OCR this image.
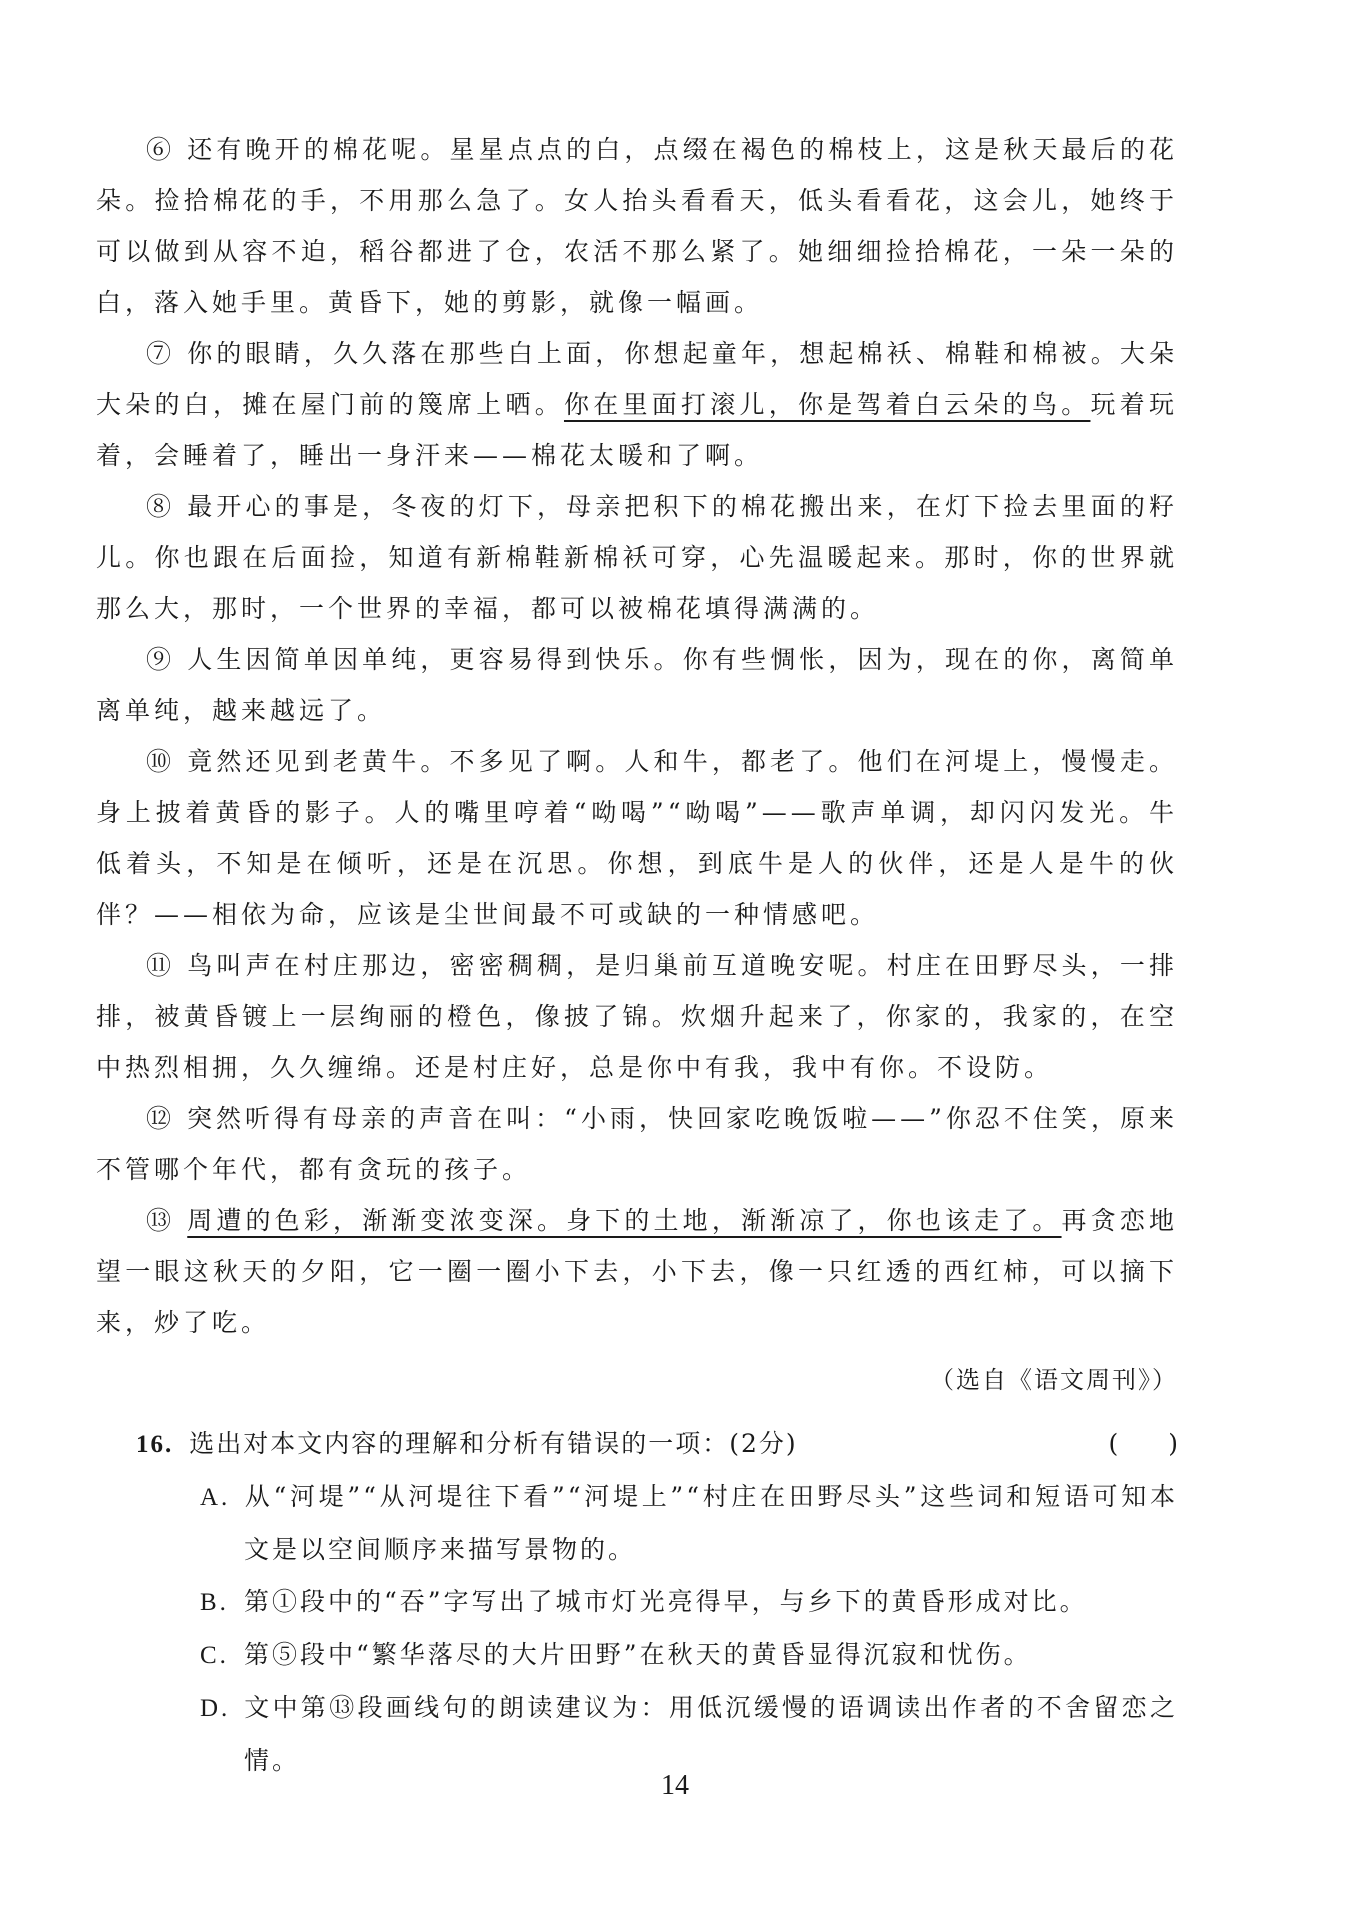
⑥ 还有晚开的棉花呢。星星点点的白，点缀在褐色的棉枝上，这是秋天最后的花朵。捡拾棉花的手，不用那么急了。女人抬头看看天，低头看看花，这会儿，她终于可以做到从容不迫，稻谷都进了仓，农活不那么紧了。她细细捡拾棉花，一朵一朵的白，落入她手里。黄昏下，她的剪影，就像一幅画。

⑦ 你的眼睛，久久落在那些白上面，你想起童年，想起棉袄、棉鞋和棉被。大朵大朵的白，摊在屋门前的篾席上晒。你在里面打滚儿，你是驾着白云朵的鸟。玩着玩着，会睡着了，睡出一身汗来——棉花太暖和了啊。

⑧ 最开心的事是，冬夜的灯下，母亲把积下的棉花搬出来，在灯下捡去里面的籽儿。你也跟在后面捡，知道有新棉鞋新棉袄可穿，心先温暖起来。那时，你的世界就那么大，那时，一个世界的幸福，都可以被棉花填得满满的。

⑨ 人生因简单因单纯，更容易得到快乐。你有些惆怅，因为，现在的你，离简单离单纯，越来越远了。

⑩ 竟然还见到老黄牛。不多见了啊。人和牛，都老了。他们在河堤上，慢慢走。身上披着黄昏的影子。人的嘴里哼着“呦喝”“呦喝”——歌声单调，却闪闪发光。牛低着头，不知是在倾听，还是在沉思。你想，到底牛是人的伙伴，还是人是牛的伙伴？——相依为命，应该是尘世间最不可或缺的一种情感吧。

⑪ 鸟叫声在村庄那边，密密稠稠，是归巢前互道晚安呢。村庄在田野尽头，一排排，被黄昏镀上一层绚丽的橙色，像披了锦。炊烟升起来了，你家的，我家的，在空中热烈相拥，久久缠绵。还是村庄好，总是你中有我，我中有你。不设防。

⑫ 突然听得有母亲的声音在叫：“小雨，快回家吃晚饭啦——”你忍不住笑，原来不管哪个年代，都有贪玩的孩子。

⑬ 周遭的色彩，渐渐变浓变深。身下的土地，渐渐凉了，你也该走了。再贪恋地望一眼这秋天的夕阳，它一圈一圈小下去，小下去，像一只红透的西红柿，可以摘下来，炒了吃。

（选自《语文周刊》）
16. 选出对本文内容的理解和分析有错误的一项：(2分)	(　　)
A. 从“河堤”“从河堤往下看”“河堤上”“村庄在田野尽头”这些词和短语可知本文是以空间顺序来描写景物的。
B. 第①段中的“吞”字写出了城市灯光亮得早，与乡下的黄昏形成对比。
C. 第⑤段中“繁华落尽的大片田野”在秋天的黄昏显得沉寂和忧伤。
D. 文中第⑬段画线句的朗读建议为：用低沉缓慢的语调读出作者的不舍留恋之情。
14
